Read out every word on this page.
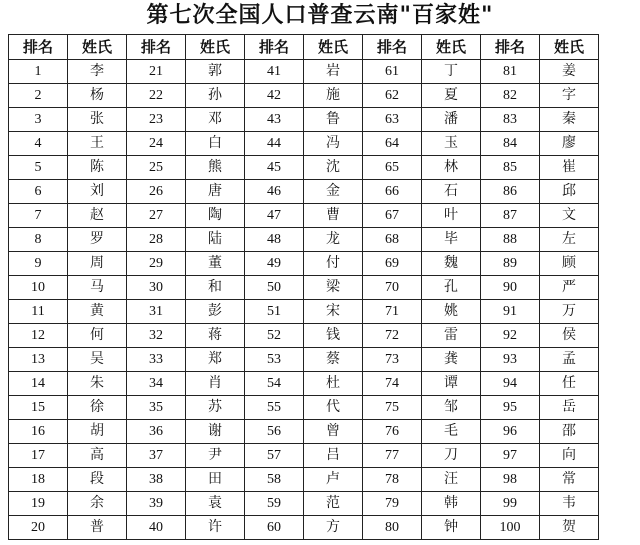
第七次全国人口普查云南"百家姓"
排名	姓氏	排名	姓氏	排名	姓氏	排名	姓氏	排名	姓氏
1	李	21	郭	41	岩	61	丁	81	姜
2	杨	22	孙	42	施	62	夏	82	字
3	张	23	邓	43	鲁	63	潘	83	秦
4	王	24	白	44	冯	64	玉	84	廖
5	陈	25	熊	45	沈	65	林	85	崔
6	刘	26	唐	46	金	66	石	86	邱
7	赵	27	陶	47	曹	67	叶	87	文
8	罗	28	陆	48	龙	68	毕	88	左
9	周	29	董	49	付	69	魏	89	顾
10	马	30	和	50	梁	70	孔	90	严
11	黄	31	彭	51	宋	71	姚	91	万
12	何	32	蒋	52	钱	72	雷	92	侯
13	吴	33	郑	53	蔡	73	龚	93	孟
14	朱	34	肖	54	杜	74	谭	94	任
15	徐	35	苏	55	代	75	邹	95	岳
16	胡	36	谢	56	曾	76	毛	96	邵
17	高	37	尹	57	吕	77	刀	97	向
18	段	38	田	58	卢	78	汪	98	常
19	余	39	袁	59	范	79	韩	99	韦
20	普	40	许	60	方	80	钟	100	贺
